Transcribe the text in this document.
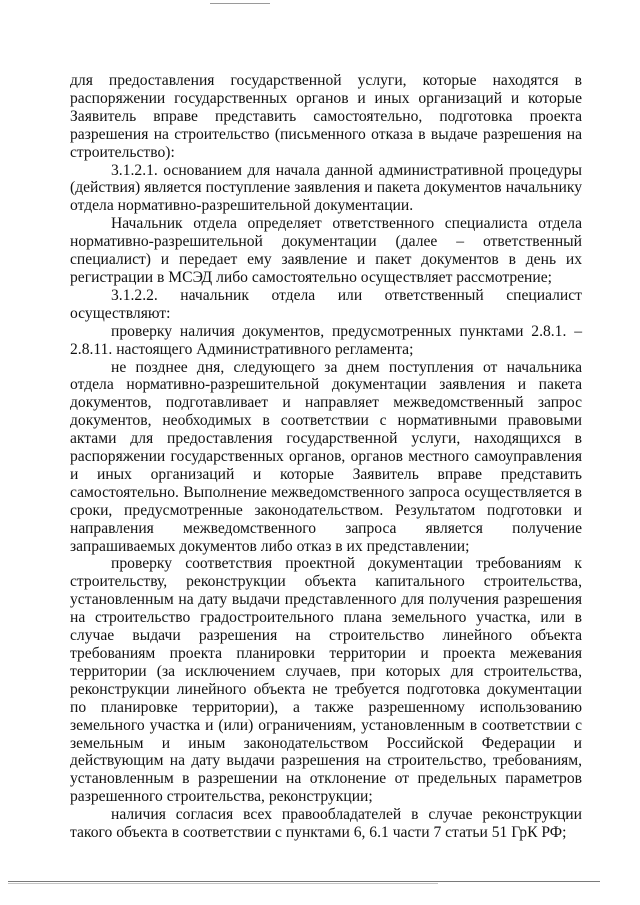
для предоставления государственной услуги, которые находятся в распоряжении государственных органов и иных организаций и которые Заявитель вправе представить самостоятельно, подготовка проекта разрешения на строительство (письменного отказа в выдаче разрешения на строительство):

3.1.2.1. основанием для начала данной административной процедуры (действия) является поступление заявления и пакета документов начальнику отдела нормативно-разрешительной документации.

Начальник отдела определяет ответственного специалиста отдела нормативно-разрешительной документации (далее – ответственный специалист) и передает ему заявление и пакет документов в день их регистрации в МСЭД либо самостоятельно осуществляет рассмотрение;

3.1.2.2. начальник отдела или ответственный специалист осуществляют:

проверку наличия документов, предусмотренных пунктами 2.8.1. – 2.8.11. настоящего Административного регламента;

не позднее дня, следующего за днем поступления от начальника отдела нормативно-разрешительной документации заявления и пакета документов, подготавливает и направляет межведомственный запрос документов, необходимых в соответствии с нормативными правовыми актами для предоставления государственной услуги, находящихся в распоряжении государственных органов, органов местного самоуправления и иных организаций и которые Заявитель вправе представить самостоятельно. Выполнение межведомственного запроса осуществляется в сроки, предусмотренные законодательством. Результатом подготовки и направления межведомственного запроса является получение запрашиваемых документов либо отказ в их представлении;

проверку соответствия проектной документации требованиям к строительству, реконструкции объекта капитального строительства, установленным на дату выдачи представленного для получения разрешения на строительство градостроительного плана земельного участка, или в случае выдачи разрешения на строительство линейного объекта требованиям проекта планировки территории и проекта межевания территории (за исключением случаев, при которых для строительства, реконструкции линейного объекта не требуется подготовка документации по планировке территории), а также разрешенному использованию земельного участка и (или) ограничениям, установленным в соответствии с земельным и иным законодательством Российской Федерации и действующим на дату выдачи разрешения на строительство, требованиям, установленным в разрешении на отклонение от предельных параметров разрешенного строительства, реконструкции;

наличия согласия всех правообладателей в случае реконструкции такого объекта в соответствии с пунктами 6, 6.1 части 7 статьи 51 ГрК РФ;
